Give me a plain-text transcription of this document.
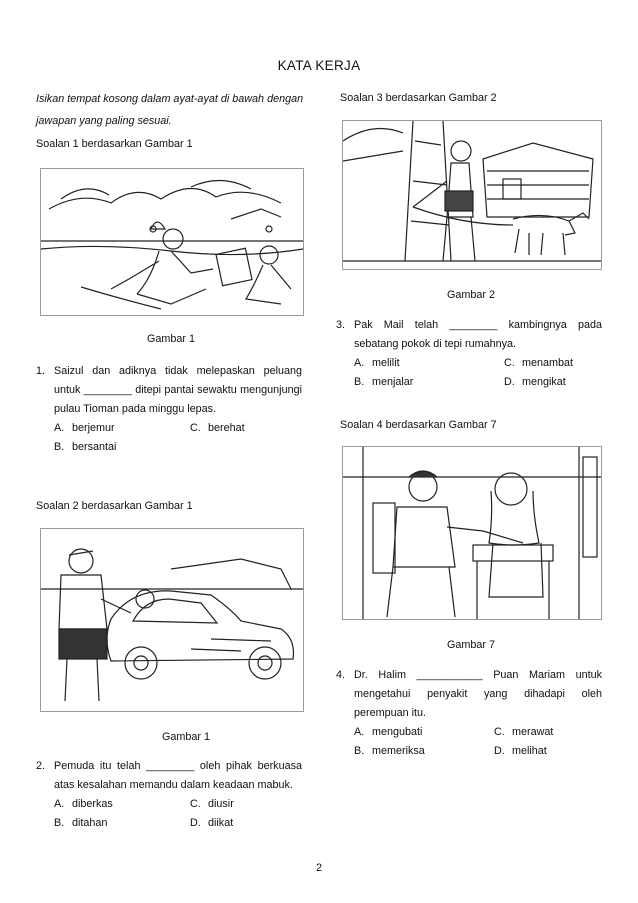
KATA KERJA
Isikan tempat kosong dalam ayat-ayat di bawah dengan jawapan yang paling sesuai.
Soalan 1 berdasarkan Gambar 1
Gambar 1
1. Saizul dan adiknya tidak melepaskan peluang untuk ________ ditepi pantai sewaktu mengunjungi pulau Tioman pada minggu lepas.
A. berjemur	C. berehat
B. bersantai
Soalan 2 berdasarkan Gambar 1
Gambar 1
2. Pemuda itu telah ________ oleh pihak berkuasa atas kesalahan memandu dalam keadaan mabuk.
A. diberkas	C. diusir
B. ditahan	D. diikat
Soalan 3 berdasarkan Gambar 2
Gambar 2
3. Pak Mail telah ________ kambingnya pada sebatang pokok di tepi rumahnya.
A. melilit	C. menambat
B. menjalar	D. mengikat
Soalan 4 berdasarkan Gambar 7
Gambar 7
4. Dr. Halim ___________ Puan Mariam untuk mengetahui penyakit yang dihadapi oleh perempuan itu.
A. mengubati	C. merawat
B. memeriksa	D. melihat
2
